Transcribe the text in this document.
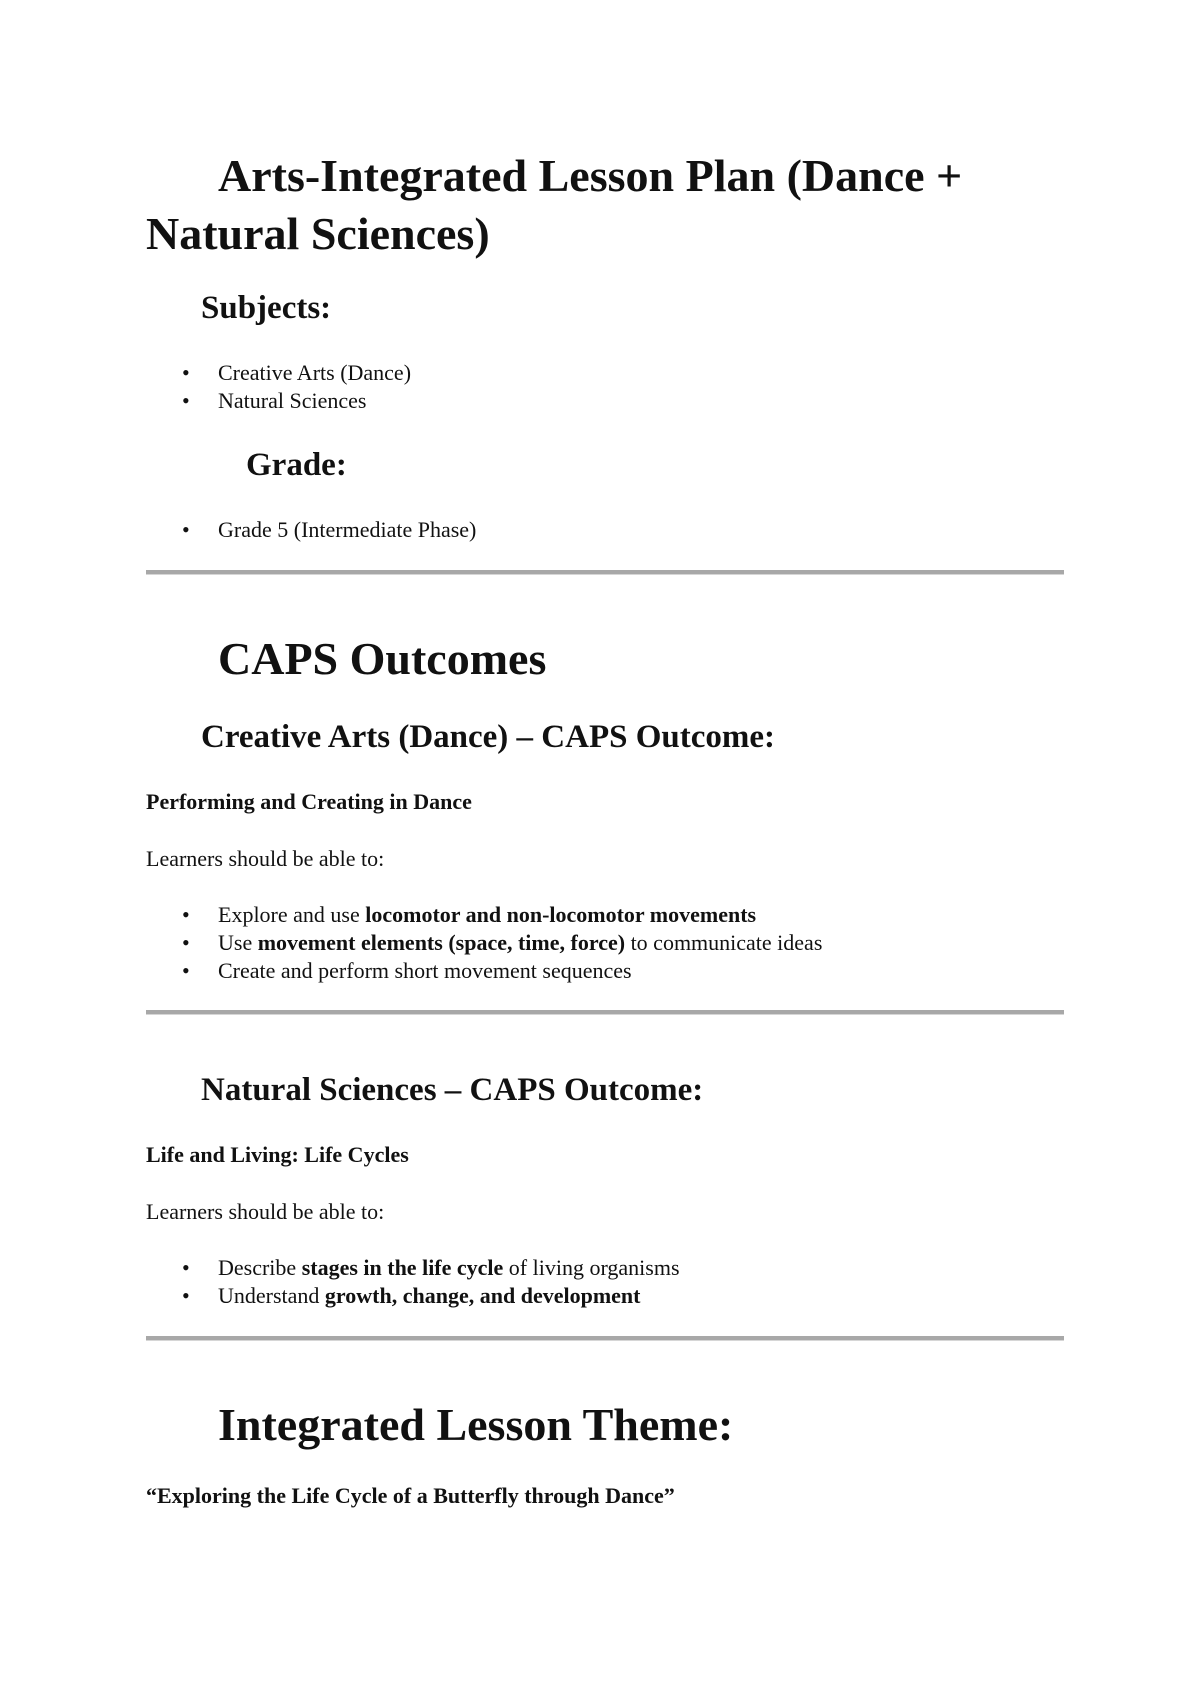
Arts-Integrated Lesson Plan (Dance + Natural Sciences)
Subjects:
• Creative Arts (Dance)
• Natural Sciences
Grade:
• Grade 5 (Intermediate Phase)
CAPS Outcomes
Creative Arts (Dance) – CAPS Outcome:
Performing and Creating in Dance
Learners should be able to:
• Explore and use locomotor and non-locomotor movements
• Use movement elements (space, time, force) to communicate ideas
• Create and perform short movement sequences
Natural Sciences – CAPS Outcome:
Life and Living: Life Cycles
Learners should be able to:
• Describe stages in the life cycle of living organisms
• Understand growth, change, and development
Integrated Lesson Theme:
“Exploring the Life Cycle of a Butterfly through Dance”
